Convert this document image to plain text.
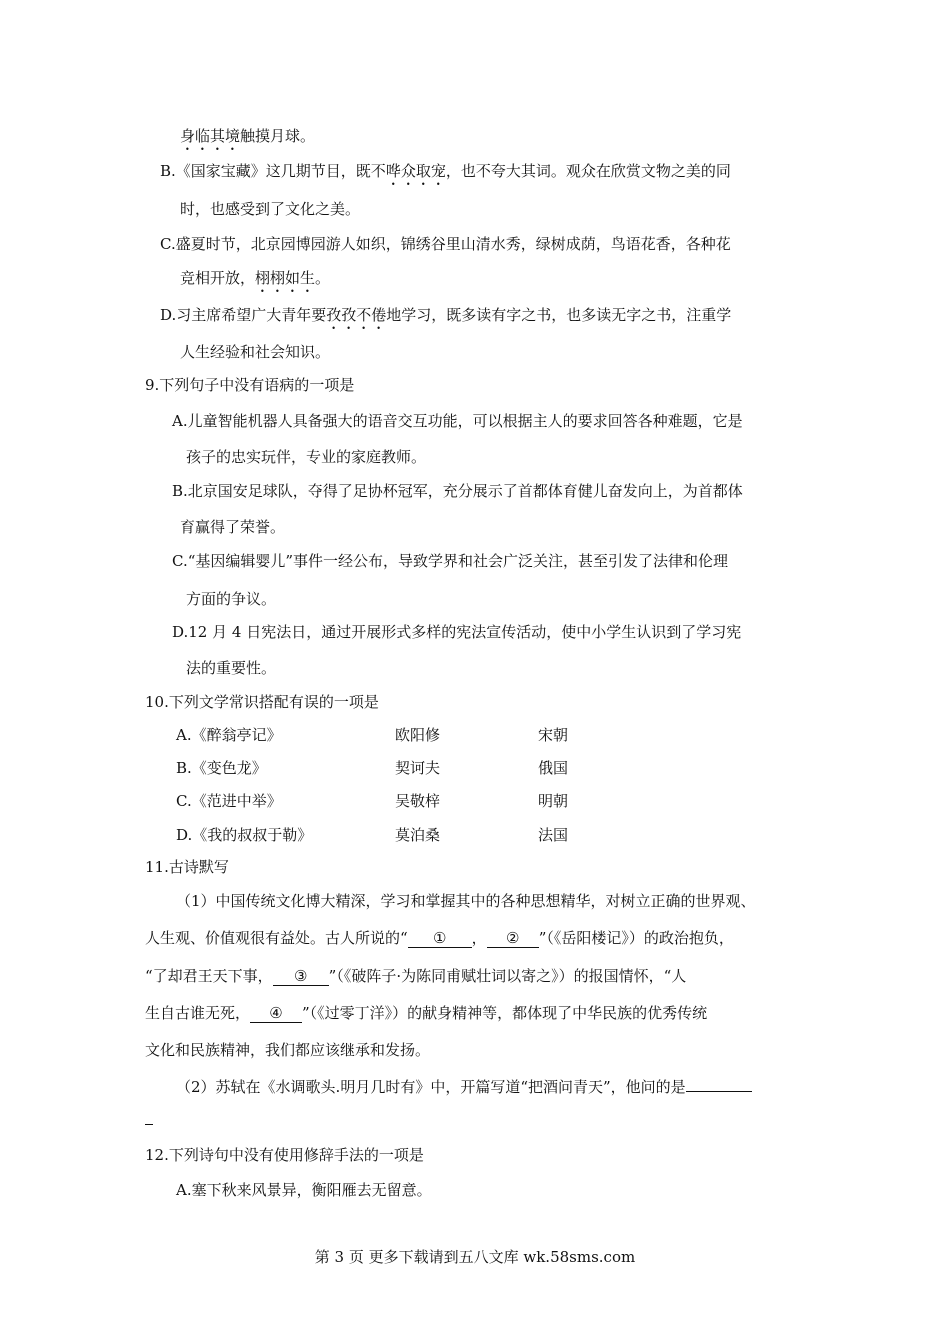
身临其境触摸月球。
B.《国家宝藏》这几期节目，既不哗众取宠，也不夸大其词。观众在欣赏文物之美的同
时，也感受到了文化之美。
C.盛夏时节，北京园博园游人如织，锦绣谷里山清水秀，绿树成荫，鸟语花香，各种花
竞相开放，栩栩如生。
D.习主席希望广大青年要孜孜不倦地学习，既多读有字之书，也多读无字之书，注重学
人生经验和社会知识。
9.下列句子中没有语病的一项是
A.儿童智能机器人具备强大的语音交互功能，可以根据主人的要求回答各种难题，它是
孩子的忠实玩伴，专业的家庭教师。
B.北京国安足球队，夺得了足协杯冠军，充分展示了首都体育健儿奋发向上，为首都体
育赢得了荣誉。
C.“基因编辑婴儿”事件一经公布，导致学界和社会广泛关注，甚至引发了法律和伦理
方面的争议。
D.12 月 4 日宪法日，通过开展形式多样的宪法宣传活动，使中小学生认识到了学习宪
法的重要性。
10.下列文学常识搭配有误的一项是
A.《醉翁亭记》	欧阳修	宋朝
B.《变色龙》	契诃夫	俄国
C.《范进中举》	吴敬梓	明朝
D.《我的叔叔于勒》	莫泊桑	法国
11.古诗默写
（1）中国传统文化博大精深，学习和掌握其中的各种思想精华，对树立正确的世界观、
人生观、价值观很有益处。古人所说的“ ① ， ② ”（《岳阳楼记》）的政治抱负，
“了却君王天下事， ③ ”（《破阵子·为陈同甫赋壮词以寄之》）的报国情怀，“人
生自古谁无死， ④ ”（《过零丁洋》）的献身精神等，都体现了中华民族的优秀传统
文化和民族精神，我们都应该继承和发扬。
（2）苏轼在《水调歌头.明月几时有》中，开篇写道“把酒问青天”，他问的是
12.下列诗句中没有使用修辞手法的一项是
A.塞下秋来风景异，衡阳雁去无留意。
第 3 页 更多下载请到五八文库 wk.58sms.com
